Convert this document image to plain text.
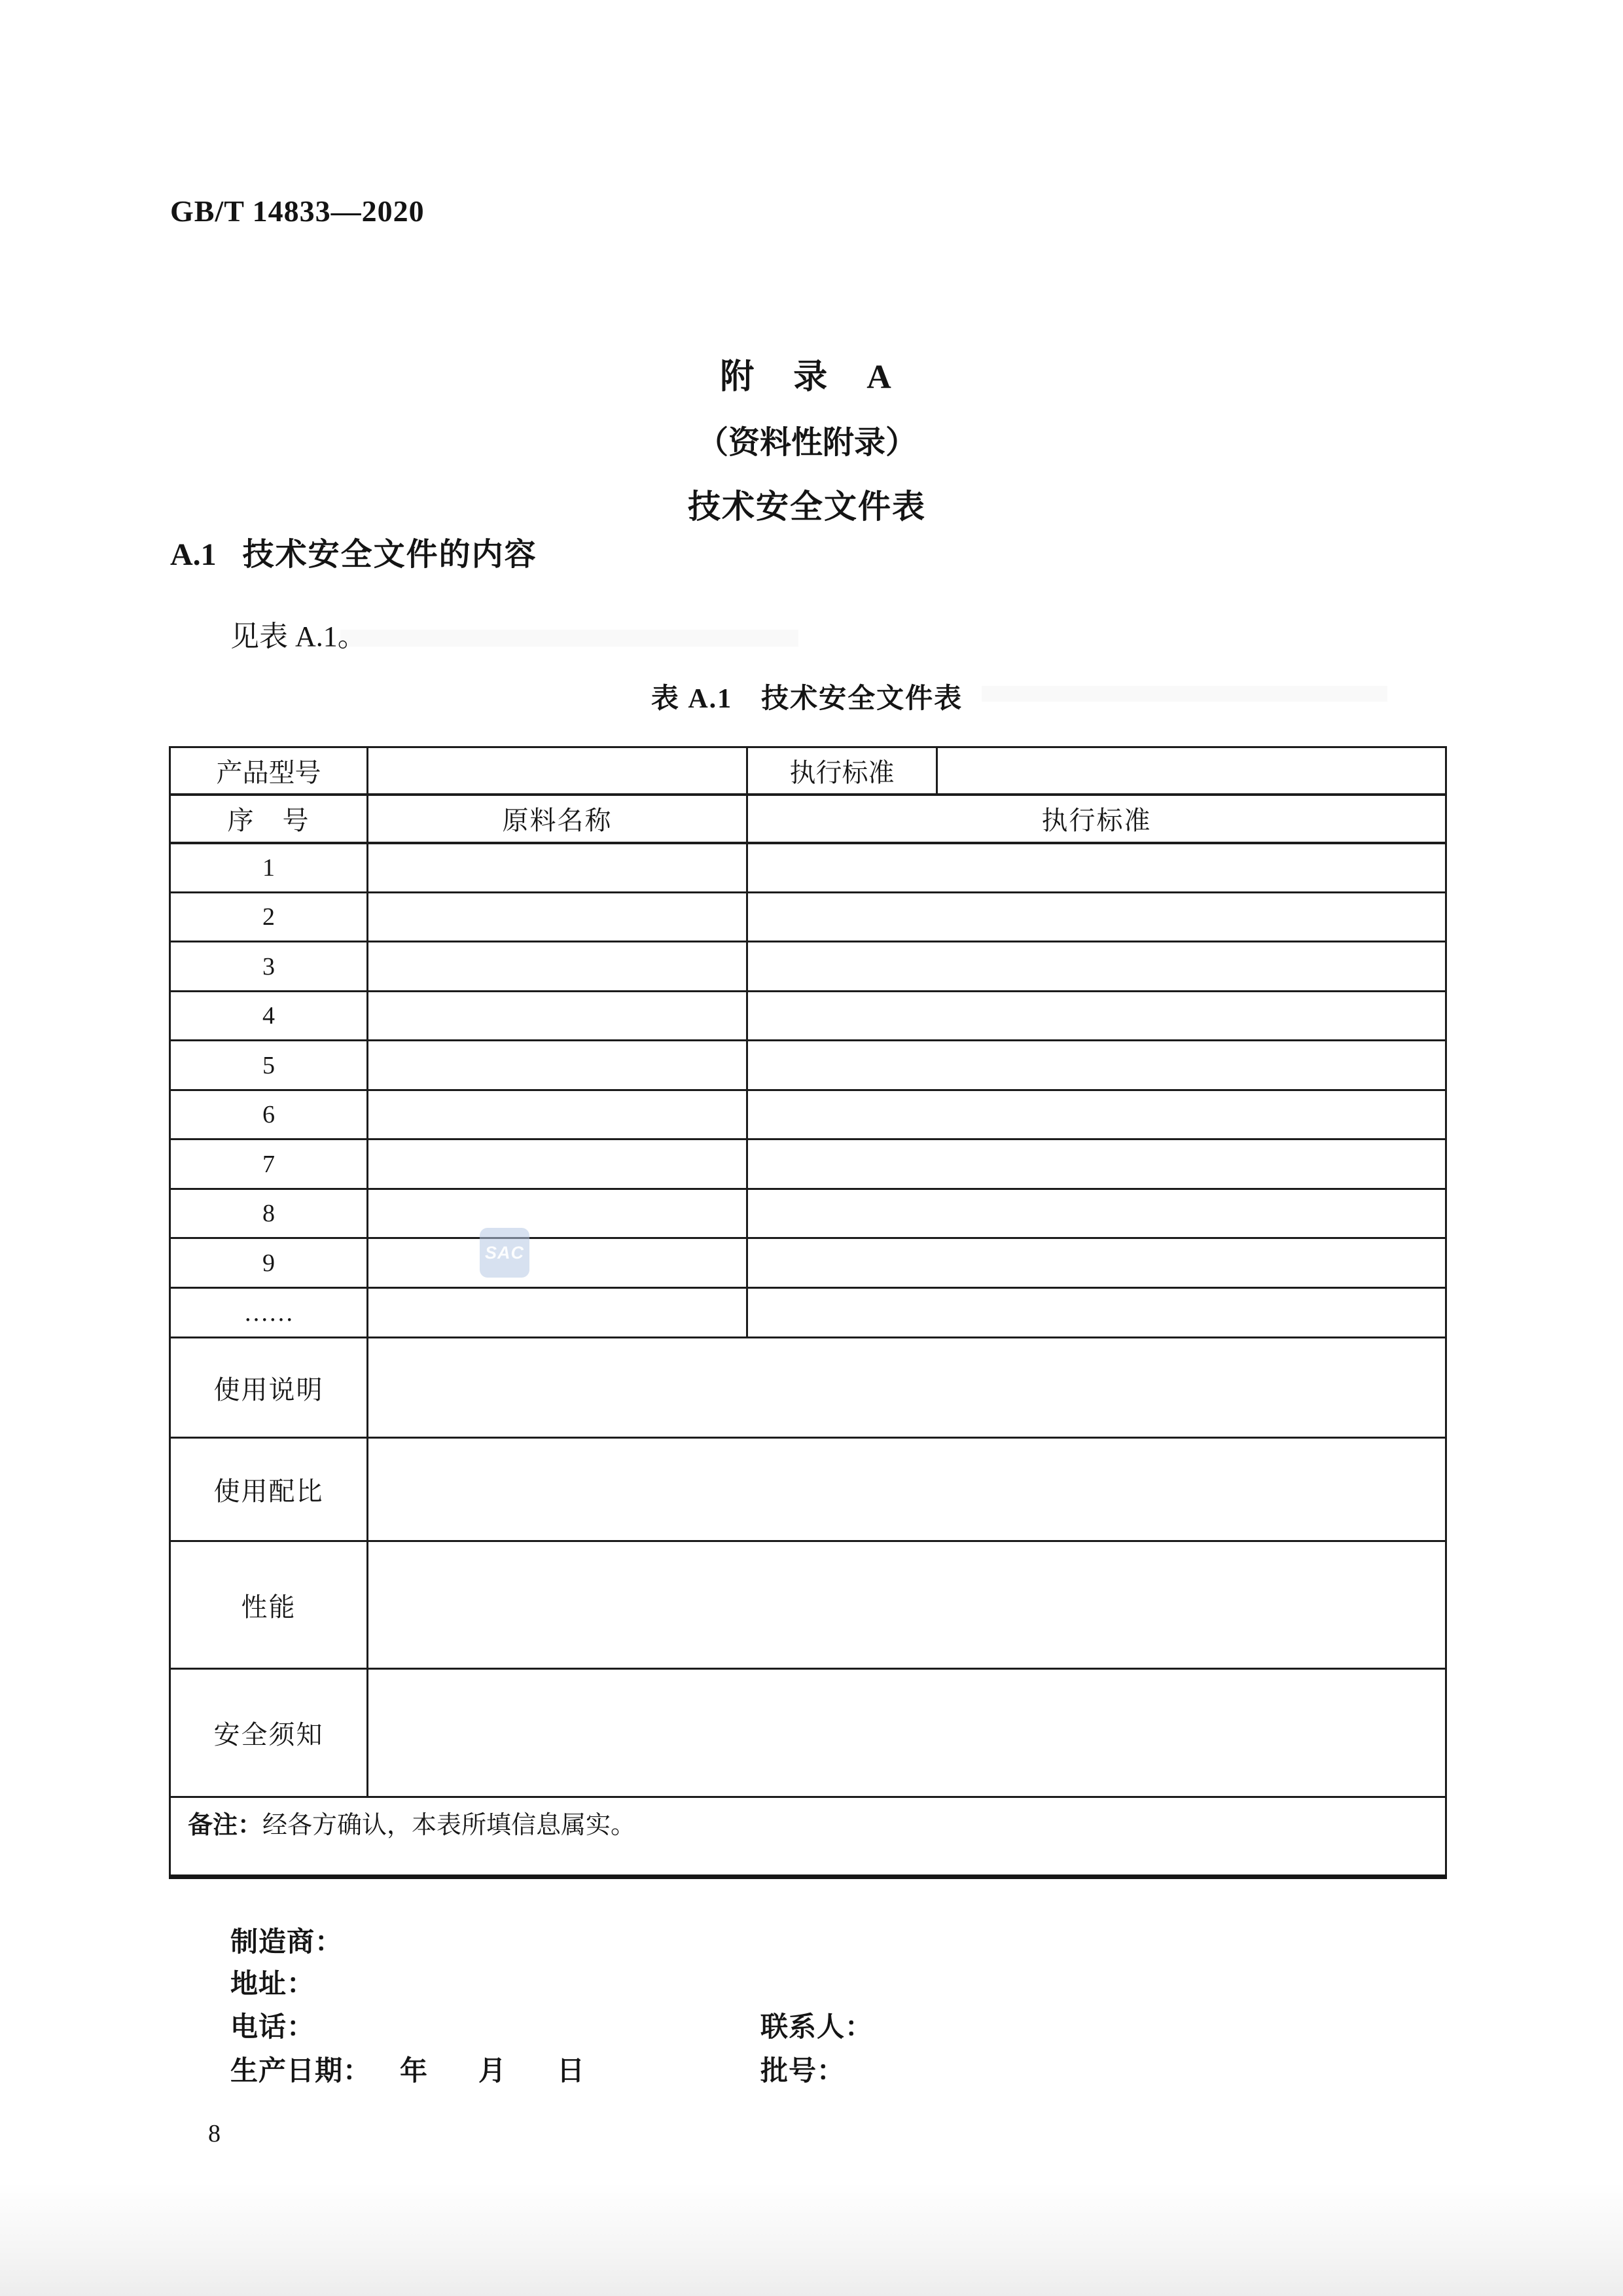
GB/T 14833—2020
附　录　A
（资料性附录）
技术安全文件表
A.1 技术安全文件的内容
见表 A.1。
表 A.1　技术安全文件表
产品型号		执行标准	
序　号	原料名称	执行标准	
1			
2			
3			
4			
5			
6			
7			
8			
9			
……			
使用说明			
使用配比			
性能			
安全须知			
备注：经各方确认，本表所填信息属实。			
SAC
制造商：
地址：
电话：	联系人：
生产日期： 年　月　日	批号：
8
